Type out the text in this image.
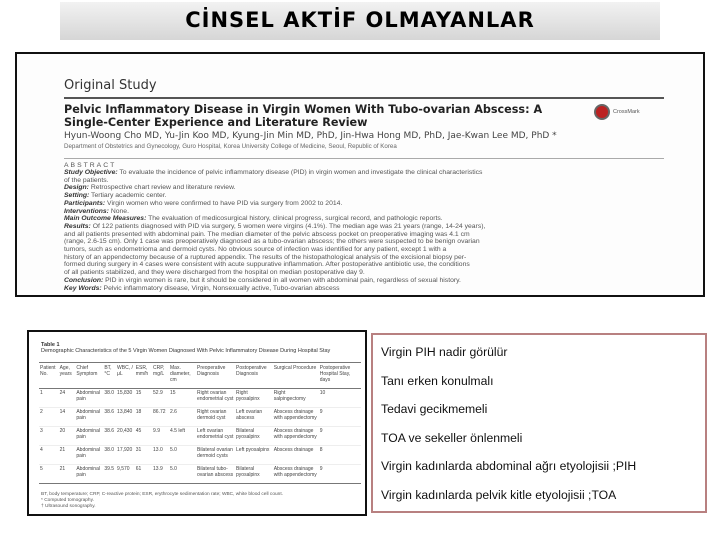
CİNSEL AKTİF OLMAYANLAR
Original Study
Pelvic Inflammatory Disease in Virgin Women With Tubo-ovarian Abscess: A Single-Center Experience and Literature Review
Hyun-Woong Cho MD, Yu-Jin Koo MD, Kyung-Jin Min MD, PhD, Jin-Hwa Hong MD, PhD, Jae-Kwan Lee MD, PhD *
Department of Obstetrics and Gynecology, Guro Hospital, Korea University College of Medicine, Seoul, Republic of Korea
CrossMark
ABSTRACT
Study Objective: To evaluate the incidence of pelvic inflammatory disease (PID) in virgin women and investigate the clinical characteristics
of the patients.
Design: Retrospective chart review and literature review.
Setting: Tertiary academic center.
Participants: Virgin women who were confirmed to have PID via surgery from 2002 to 2014.
Interventions: None.
Main Outcome Measures: The evaluation of medicosurgical history, clinical progress, surgical record, and pathologic reports.
Results: Of 122 patients diagnosed with PID via surgery, 5 women were virgins (4.1%). The median age was 21 years (range, 14-24 years),
and all patients presented with abdominal pain. The median diameter of the pelvic abscess pocket on preoperative imaging was 4.1 cm
(range, 2.6-15 cm). Only 1 case was preoperatively diagnosed as a tubo-ovarian abscess; the others were suspected to be benign ovarian
tumors, such as endometrioma and dermoid cysts. No obvious source of infection was identified for any patient, except 1 with a
history of an appendectomy because of a ruptured appendix. The results of the histopathological analysis of the excisional biopsy per-
formed during surgery in 4 cases were consistent with acute suppurative inflammation. After postoperative antibiotic use, the conditions
of all patients stabilized, and they were discharged from the hospital on median postoperative day 9.
Conclusion: PID in virgin women is rare, but it should be considered in all women with abdominal pain, regardless of sexual history.
Key Words: Pelvic inflammatory disease, Virgin, Nonsexually active, Tubo-ovarian abscess
Table 1
Demographic Characteristics of the 5 Virgin Women Diagnosed With Pelvic Inflammatory Disease During Hospital Stay
Patient No.	Age, years	Chief Symptom	BT, °C	WBC, /μL	ESR, mm/h	CRP, mg/L	Max. diameter, cm	Preoperative Diagnosis	Postoperative Diagnosis	Surgical Procedure	Postoperative Hospital Stay, days
1	24	Abdominal pain	38.0	15,830	15	52.9	15	Right ovarian endometrial cyst	Right pyosalpinx	Right salpingectomy	10
2	14	Abdominal pain	38.6	13,840	18	86.72	2.6	Right ovarian dermoid cyst	Left ovarian abscess	Abscess drainage with appendectomy	9
3	20	Abdominal pain	38.6	20,430	45	9.9	4.5 left	Left ovarian endometrial cyst	Bilateral pyosalpinx	Abscess drainage with appendectomy	9
4	21	Abdominal pain	38.0	17,920	31	13.0	5.0	Bilateral ovarian dermoid cysts	Left pyosalpinx	Abscess drainage	8
5	21	Abdominal pain	39.5	9,570	61	13.9	5.0	Bilateral tubo-ovarian abscess	Bilateral pyosalpinx	Abscess drainage with appendectomy	9
BT, body temperature; CRP, C-reactive protein; ESR, erythrocyte sedimentation rate; WBC, white blood cell count.
* Computed tomography.
† Ultrasound sonography.
Virgin PIH nadir görülür
Tanı erken konulmalı
Tedavi gecikmemeli
TOA ve sekeller önlenmeli
Virgin kadınlarda abdominal ağrı etyolojisii ;PIH
Virgin kadınlarda pelvik kitle etyolojisii ;TOA
